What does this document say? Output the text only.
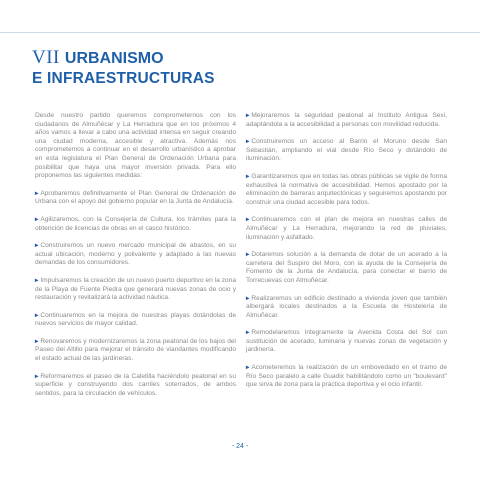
VII URBANISMO
E INFRAESTRUCTURAS

Desde nuestro partido queremos comprometernos con los ciudadanos de Almuñécar y La Herradura que en los próximos 4 años vamos a llevar a cabo una actividad intensa en seguir creando una ciudad moderna, accesible y atractiva. Además nos comprometemos a continuar en el desarrollo urbanístico a aprobar en esta legislatura el Plan General de Ordenación Urbana para posibilitar que haya una mayor inversión privada. Para ello proponemos las siguientes medidas:

▸ Aprobaremos definitivamente el Plan General de Ordenación de Urbana con el apoyo del gobierno popular en la Junta de Andalucía.

▸ Agilizaremos, con la Consejería de Cultura, los trámites para la obtención de licencias de obras en el casco histórico.

▸ Construiremos un nuevo mercado municipal de abastos, en su actual ubicación, moderno y polivalente y adaptado a las nuevas demandas de los consumidores.

▸ Impulsaremos la creación de un nuevo puerto deportivo en la zona de la Playa de Fuente Piedra que generará nuevas zonas de ocio y restauración y revitalizará la actividad náutica.

▸ Continuaremos en la mejora de nuestras playas dotándolas de nuevos servicios de mayor calidad.

▸ Renovaremos y modernizaremos la zona peatonal de los bajos del Paseo del Altillo para mejorar el tránsito de viandantes modificando el estado actual de las jardineras.

▸ Reformaremos el paseo de la Caletilla haciéndolo peatonal en su superficie y construyendo dos carriles soterrados, de ambos sentidos, para la circulación de vehículos.

▸ Mejoraremos la seguridad peatonal al Instituto Antigua Sexi, adaptándola a la accesibilidad a personas con movilidad reducida.

▸ Construiremos un acceso al Barrio el Moruno desde San Sebastián, ampliando el vial desde Río Seco y dotándolo de iluminación.

▸ Garantizaremos que en todas las obras públicas se vigile de forma exhaustiva la normativa de accesibilidad. Hemos apostado por la eliminación de barreras arquitectónicas y seguiremos apostando por construir una ciudad accesible para todos.

▸ Continuaremos con el plan de mejora en nuestras calles de Almuñécar y La Herradura, mejorando la red de pluviales, iluminación y asfaltado.

▸ Dotaremos solución a la demanda de dotar de un acerado a la carretera del Suspiro del Moro, con la ayuda de la Consejería de Fomento de la Junta de Andalucía, para conectar el barrio de Torrecuevas con Almuñécar.

▸ Realizaremos un edificio destinado a vivienda joven que también albergará locales destinados a la Escuela de Hostelería de Almuñécar.

▸ Remodelaremos íntegramente la Avenida Costa del Sol con sustitución de acerado, luminaria y nuevas zonas de vegetación y jardinería.

▸ Acometeremos la realización de un embovedado en el tramo de Río Seco paralelo a calle Guadix habilitándolo como un "boulevard" que sirva de zona para la práctica deportiva y el ocio infantil.

- 24 -
